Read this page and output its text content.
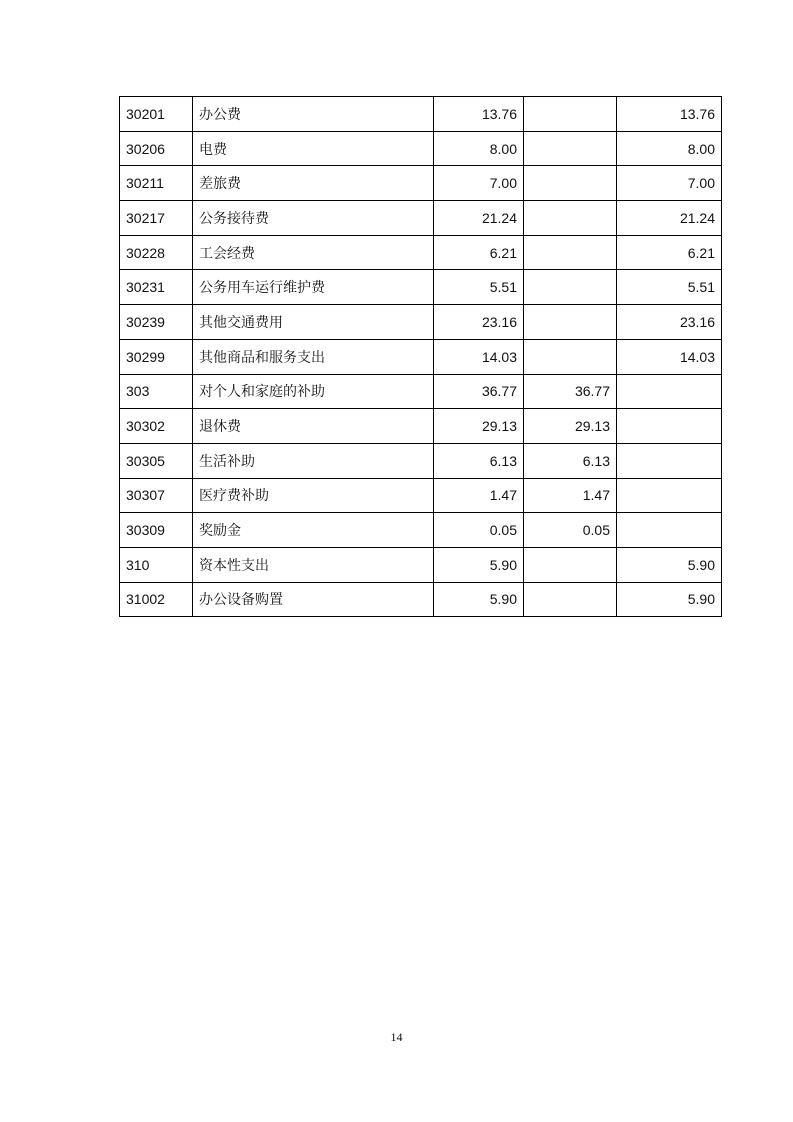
30201	办公费	13.76		13.76
30206	电费	8.00		8.00
30211	差旅费	7.00		7.00
30217	公务接待费	21.24		21.24
30228	工会经费	6.21		6.21
30231	公务用车运行维护费	5.51		5.51
30239	其他交通费用	23.16		23.16
30299	其他商品和服务支出	14.03		14.03
303	对个人和家庭的补助	36.77	36.77	
30302	退休费	29.13	29.13	
30305	生活补助	6.13	6.13	
30307	医疗费补助	1.47	1.47	
30309	奖励金	0.05	0.05	
310	资本性支出	5.90		5.90
31002	办公设备购置	5.90		5.90
14
